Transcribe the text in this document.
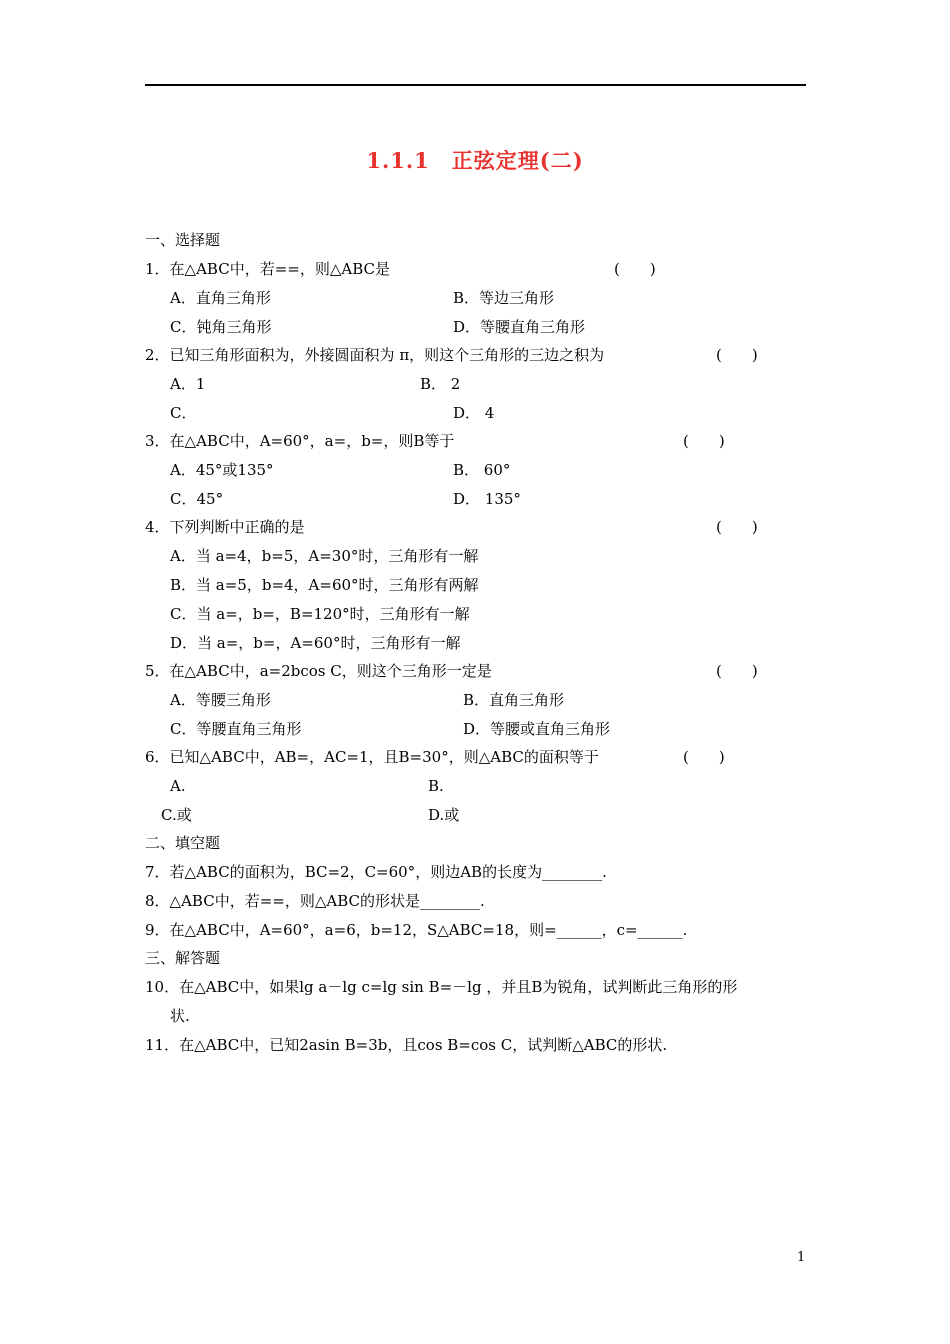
1.1.1　正弦定理(二)
一、选择题
1．在△ABC中，若==，则△ABC是	(　　)
A．直角三角形	B．等边三角形
C．钝角三角形	D．等腰直角三角形
2．已知三角形面积为，外接圆面积为 π，则这个三角形的三边之积为	(　　)
A．1	B． 2
C．	D． 4
3．在△ABC中，A=60°，a=，b=，则B等于	(　　)
A．45°或135°	B． 60°
C．45°	D． 135°
4．下列判断中正确的是	(　　)
A．当 a=4，b=5，A=30°时，三角形有一解
B．当 a=5，b=4，A=60°时，三角形有两解
C．当 a=，b=，B=120°时，三角形有一解
D．当 a=，b=，A=60°时，三角形有一解
5．在△ABC中，a=2bcos C，则这个三角形一定是	(　　)
A．等腰三角形	B．直角三角形
C．等腰直角三角形	D．等腰或直角三角形
6．已知△ABC中，AB=，AC=1，且B=30°，则△ABC的面积等于	(　　)
A.	B.
C.或	D.或
二、填空题
7．若△ABC的面积为，BC=2，C=60°，则边AB的长度为________.
8．△ABC中，若==，则△ABC的形状是________.
9．在△ABC中，A=60°，a=6，b=12，S△ABC=18，则=______，c=______.
三、解答题
10．在△ABC中，如果lg a－lg c=lg sin B=－lg ，并且B为锐角，试判断此三角形的形
状.
11．在△ABC中，已知2asin B=3b，且cos B=cos C，试判断△ABC的形状.
1
